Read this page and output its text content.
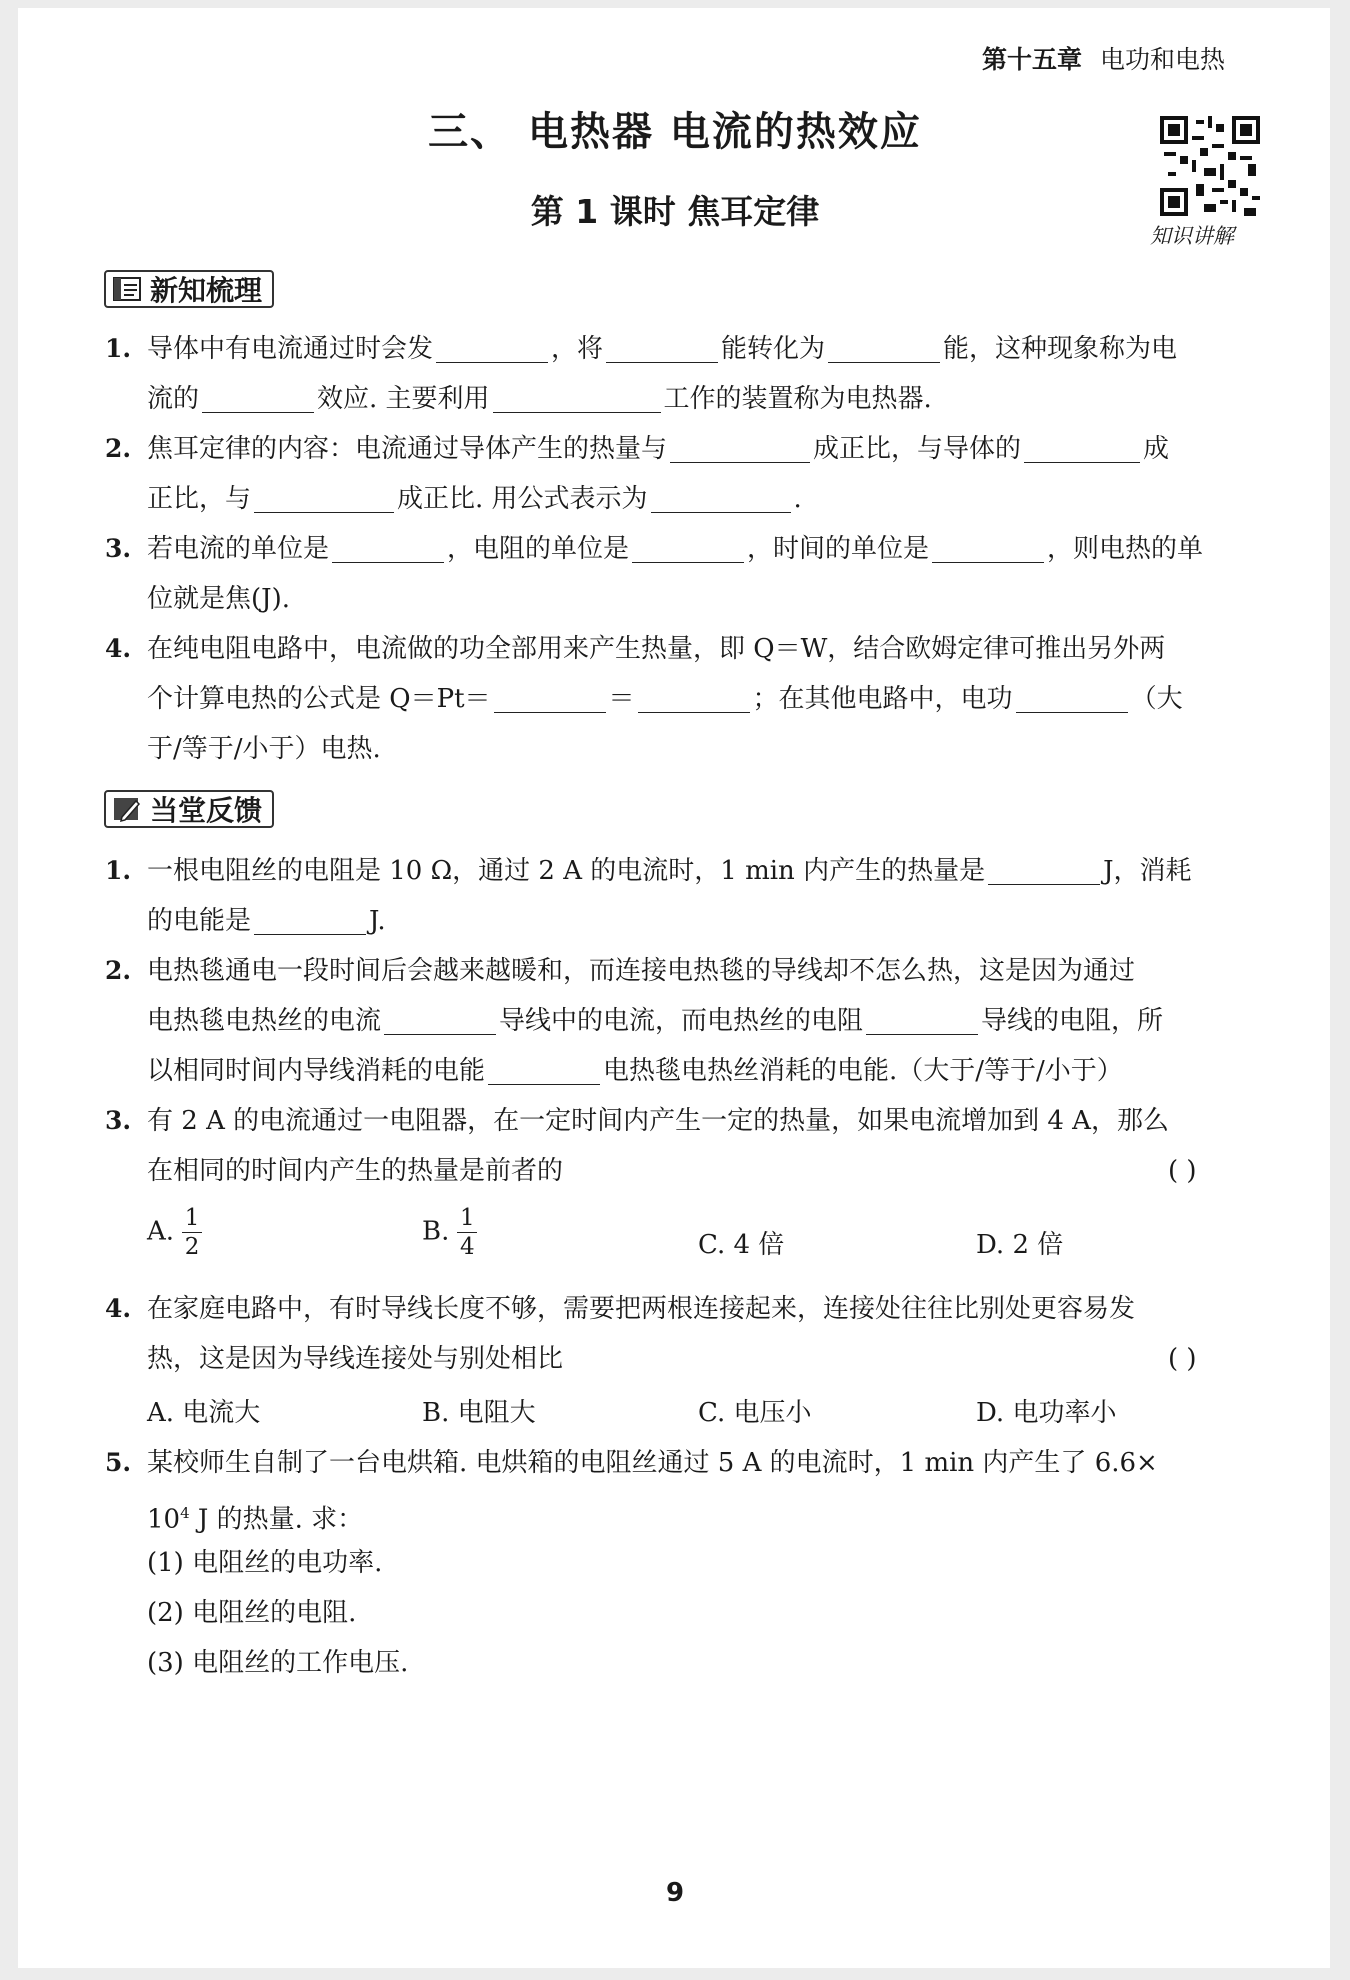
第十五章 电功和电热
三、 电热器 电流的热效应
第 1 课时 焦耳定律
知识讲解
新知梳理
1. 导体中有电流通过时会发	，将	能转化为	能，这种现象称为电
流的	效应. 主要利用	工作的装置称为电热器.
2. 焦耳定律的内容：电流通过导体产生的热量与	成正比，与导体的	成
正比，与	成正比. 用公式表示为	.
3. 若电流的单位是	，电阻的单位是	，时间的单位是	，则电热的单
位就是焦(J).
4. 在纯电阻电路中，电流做的功全部用来产生热量，即 Q＝W，结合欧姆定律可推出另外两
个计算电热的公式是 Q＝Pt＝	＝	；在其他电路中，电功	（大
于/等于/小于）电热.
当堂反馈
1. 一根电阻丝的电阻是 10 Ω，通过 2 A 的电流时，1 min 内产生的热量是	J，消耗
的电能是	J.
2. 电热毯通电一段时间后会越来越暖和，而连接电热毯的导线却不怎么热，这是因为通过
电热毯电热丝的电流	导线中的电流，而电热丝的电阻	导线的电阻，所
以相同时间内导线消耗的电能	电热毯电热丝消耗的电能.（大于/等于/小于）
3. 有 2 A 的电流通过一电阻器，在一定时间内产生一定的热量，如果电流增加到 4 A，那么
在相同的时间内产生的热量是前者的	( )
A. $\frac{1}{2}$	B. $\frac{1}{4}$	C. 4 倍	D. 2 倍
4. 在家庭电路中，有时导线长度不够，需要把两根连接起来，连接处往往比别处更容易发
热，这是因为导线连接处与别处相比	( )
A. 电流大	B. 电阻大	C. 电压小	D. 电功率小
5. 某校师生自制了一台电烘箱. 电烘箱的电阻丝通过 5 A 的电流时，1 min 内产生了 6.6×
$10^4$ J 的热量. 求：
(1) 电阻丝的电功率.
(2) 电阻丝的电阻.
(3) 电阻丝的工作电压.
9
